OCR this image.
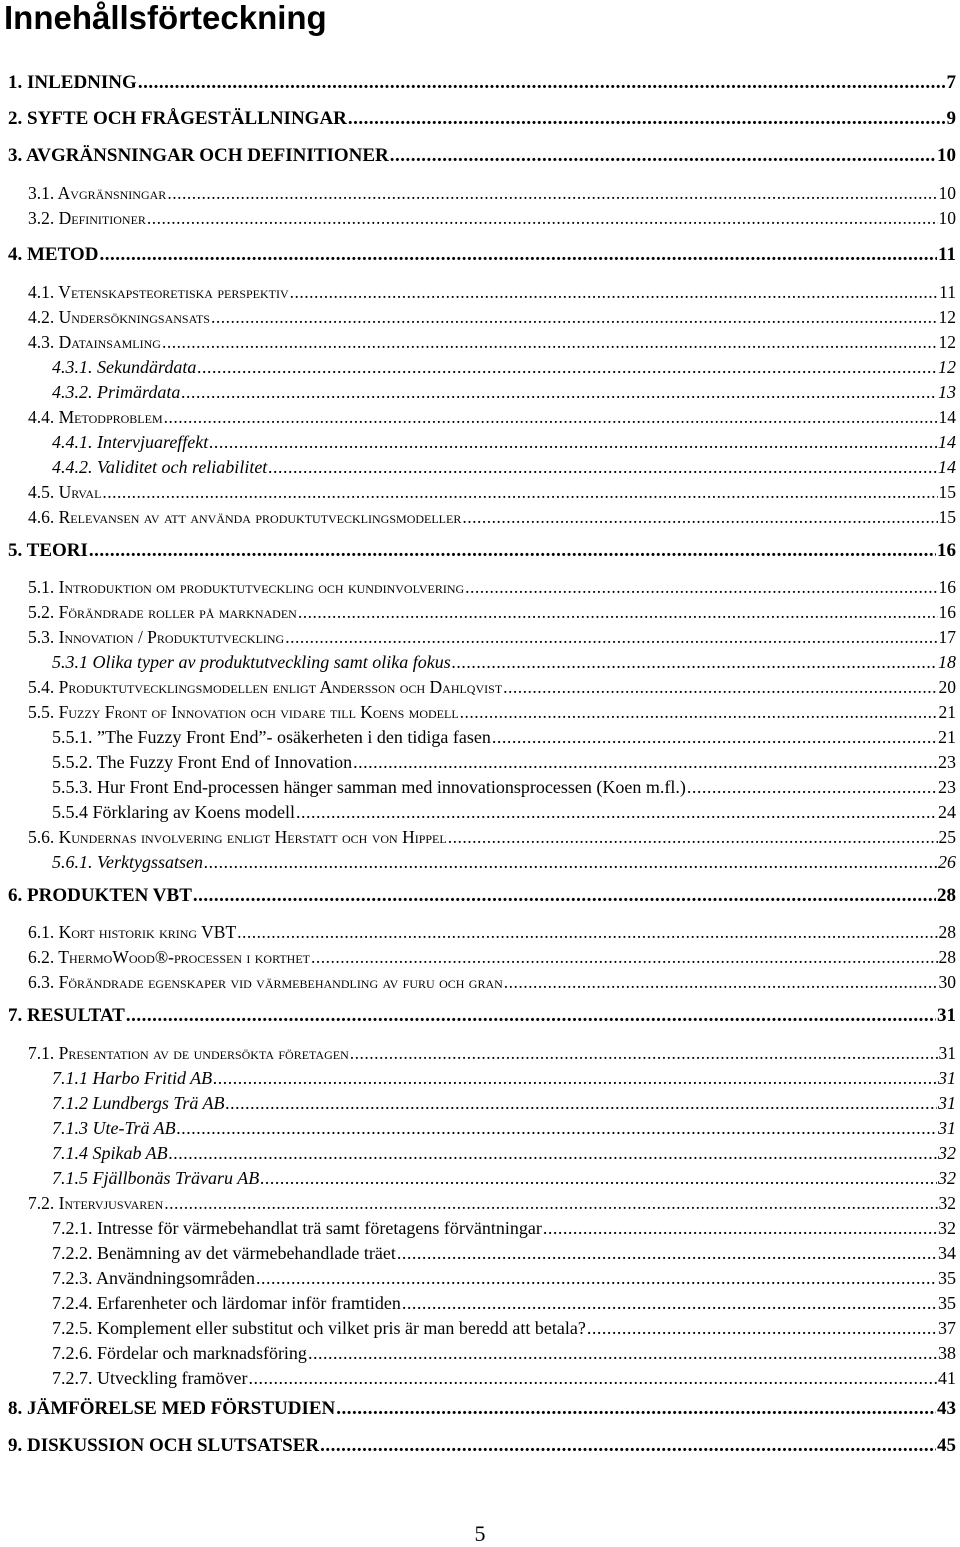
Innehållsförteckning
1. INLEDNING .....	7
2. SYFTE OCH FRÅGESTÄLLNINGAR .....	9
3. AVGRÄNSNINGAR OCH DEFINITIONER .....	10
3.1. Avgränsningar .....	10
3.2. Definitioner .....	10
4. METOD .....	11
4.1. Vetenskapsteoretiska perspektiv .....	11
4.2. Undersökningsansats .....	12
4.3. Datainsamling .....	12
4.3.1. Sekundärdata .....	12
4.3.2. Primärdata .....	13
4.4. Metodproblem .....	14
4.4.1. Intervjuareffekt .....	14
4.4.2. Validitet och reliabilitet .....	14
4.5. Urval .....	15
4.6. Relevansen av att använda produktutvecklingsmodeller .....	15
5. TEORI .....	16
5.1. Introduktion om produktutveckling och kundinvolvering .....	16
5.2. Förändrade roller på marknaden .....	16
5.3. Innovation / Produktutveckling .....	17
5.3.1 Olika typer av produktutveckling samt olika fokus .....	18
5.4. Produktutvecklingsmodellen enligt Andersson och Dahlqvist .....	20
5.5. Fuzzy Front of Innovation och vidare till Koens modell .....	21
5.5.1. ”The Fuzzy Front End”- osäkerheten i den tidiga fasen .....	21
5.5.2. The Fuzzy Front End of Innovation .....	23
5.5.3. Hur Front End-processen hänger samman med innovationsprocessen (Koen m.fl.) .....	23
5.5.4 Förklaring av Koens modell .....	24
5.6. Kundernas involvering enligt Herstatt och von Hippel .....	25
5.6.1. Verktygssatsen .....	26
6. PRODUKTEN VBT .....	28
6.1. Kort historik kring VBT .....	28
6.2. ThermoWood®-processen i korthet .....	28
6.3. Förändrade egenskaper vid värmebehandling av furu och gran .....	30
7. RESULTAT .....	31
7.1. Presentation av de undersökta företagen .....	31
7.1.1 Harbo Fritid AB .....	31
7.1.2 Lundbergs Trä AB .....	31
7.1.3 Ute-Trä AB .....	31
7.1.4 Spikab AB .....	32
7.1.5 Fjällbonäs Trävaru AB .....	32
7.2. Intervjusvaren .....	32
7.2.1. Intresse för värmebehandlat trä samt företagens förväntningar .....	32
7.2.2. Benämning av det värmebehandlade träet .....	34
7.2.3. Användningsområden .....	35
7.2.4. Erfarenheter och lärdomar inför framtiden .....	35
7.2.5. Komplement eller substitut och vilket pris är man beredd att betala? .....	37
7.2.6. Fördelar och marknadsföring .....	38
7.2.7. Utveckling framöver .....	41
8. JÄMFÖRELSE MED FÖRSTUDIEN .....	43
9. DISKUSSION OCH SLUTSATSER .....	45
5
